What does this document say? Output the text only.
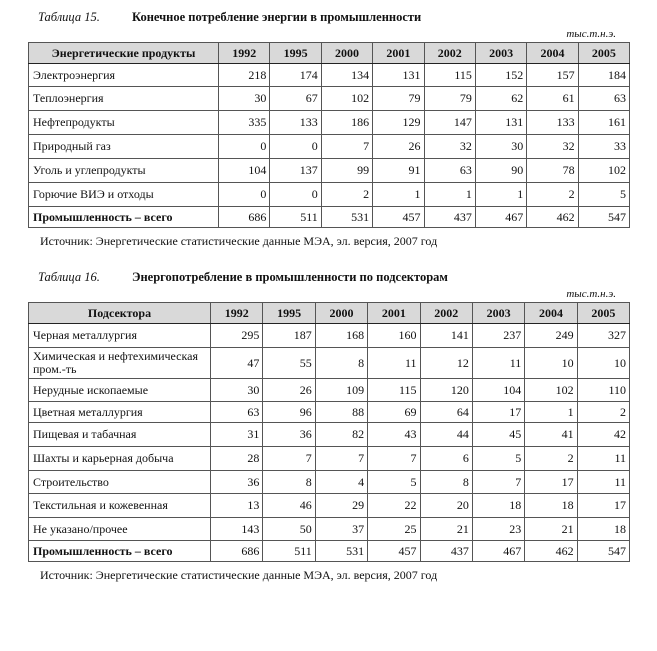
Таблица 15.	Конечное потребление энергии в промышленности
тыс.т.н.э.
Энергетические продукты	1992	1995	2000	2001	2002	2003	2004	2005
Электроэнергия	218	174	134	131	115	152	157	184
Теплоэнергия	30	67	102	79	79	62	61	63
Нефтепродукты	335	133	186	129	147	131	133	161
Природный газ	0	0	7	26	32	30	32	33
Уголь и углепродукты	104	137	99	91	63	90	78	102
Горючие ВИЭ и отходы	0	0	2	1	1	1	2	5
Промышленность – всего	686	511	531	457	437	467	462	547
Источник: Энергетические статистические данные МЭА, эл. версия, 2007 год
Таблица 16.	Энергопотребление в промышленности по подсекторам
тыс.т.н.э.
Подсектора	1992	1995	2000	2001	2002	2003	2004	2005
Черная металлургия	295	187	168	160	141	237	249	327
Химическая и нефтехимическая пром.-ть	47	55	8	11	12	11	10	10
Нерудные ископаемые	30	26	109	115	120	104	102	110
Цветная металлургия	63	96	88	69	64	17	1	2
Пищевая и табачная	31	36	82	43	44	45	41	42
Шахты и карьерная добыча	28	7	7	7	6	5	2	11
Строительство	36	8	4	5	8	7	17	11
Текстильная и кожевенная	13	46	29	22	20	18	18	17
Не указано/прочее	143	50	37	25	21	23	21	18
Промышленность – всего	686	511	531	457	437	467	462	547
Источник: Энергетические статистические данные МЭА, эл. версия, 2007 год
